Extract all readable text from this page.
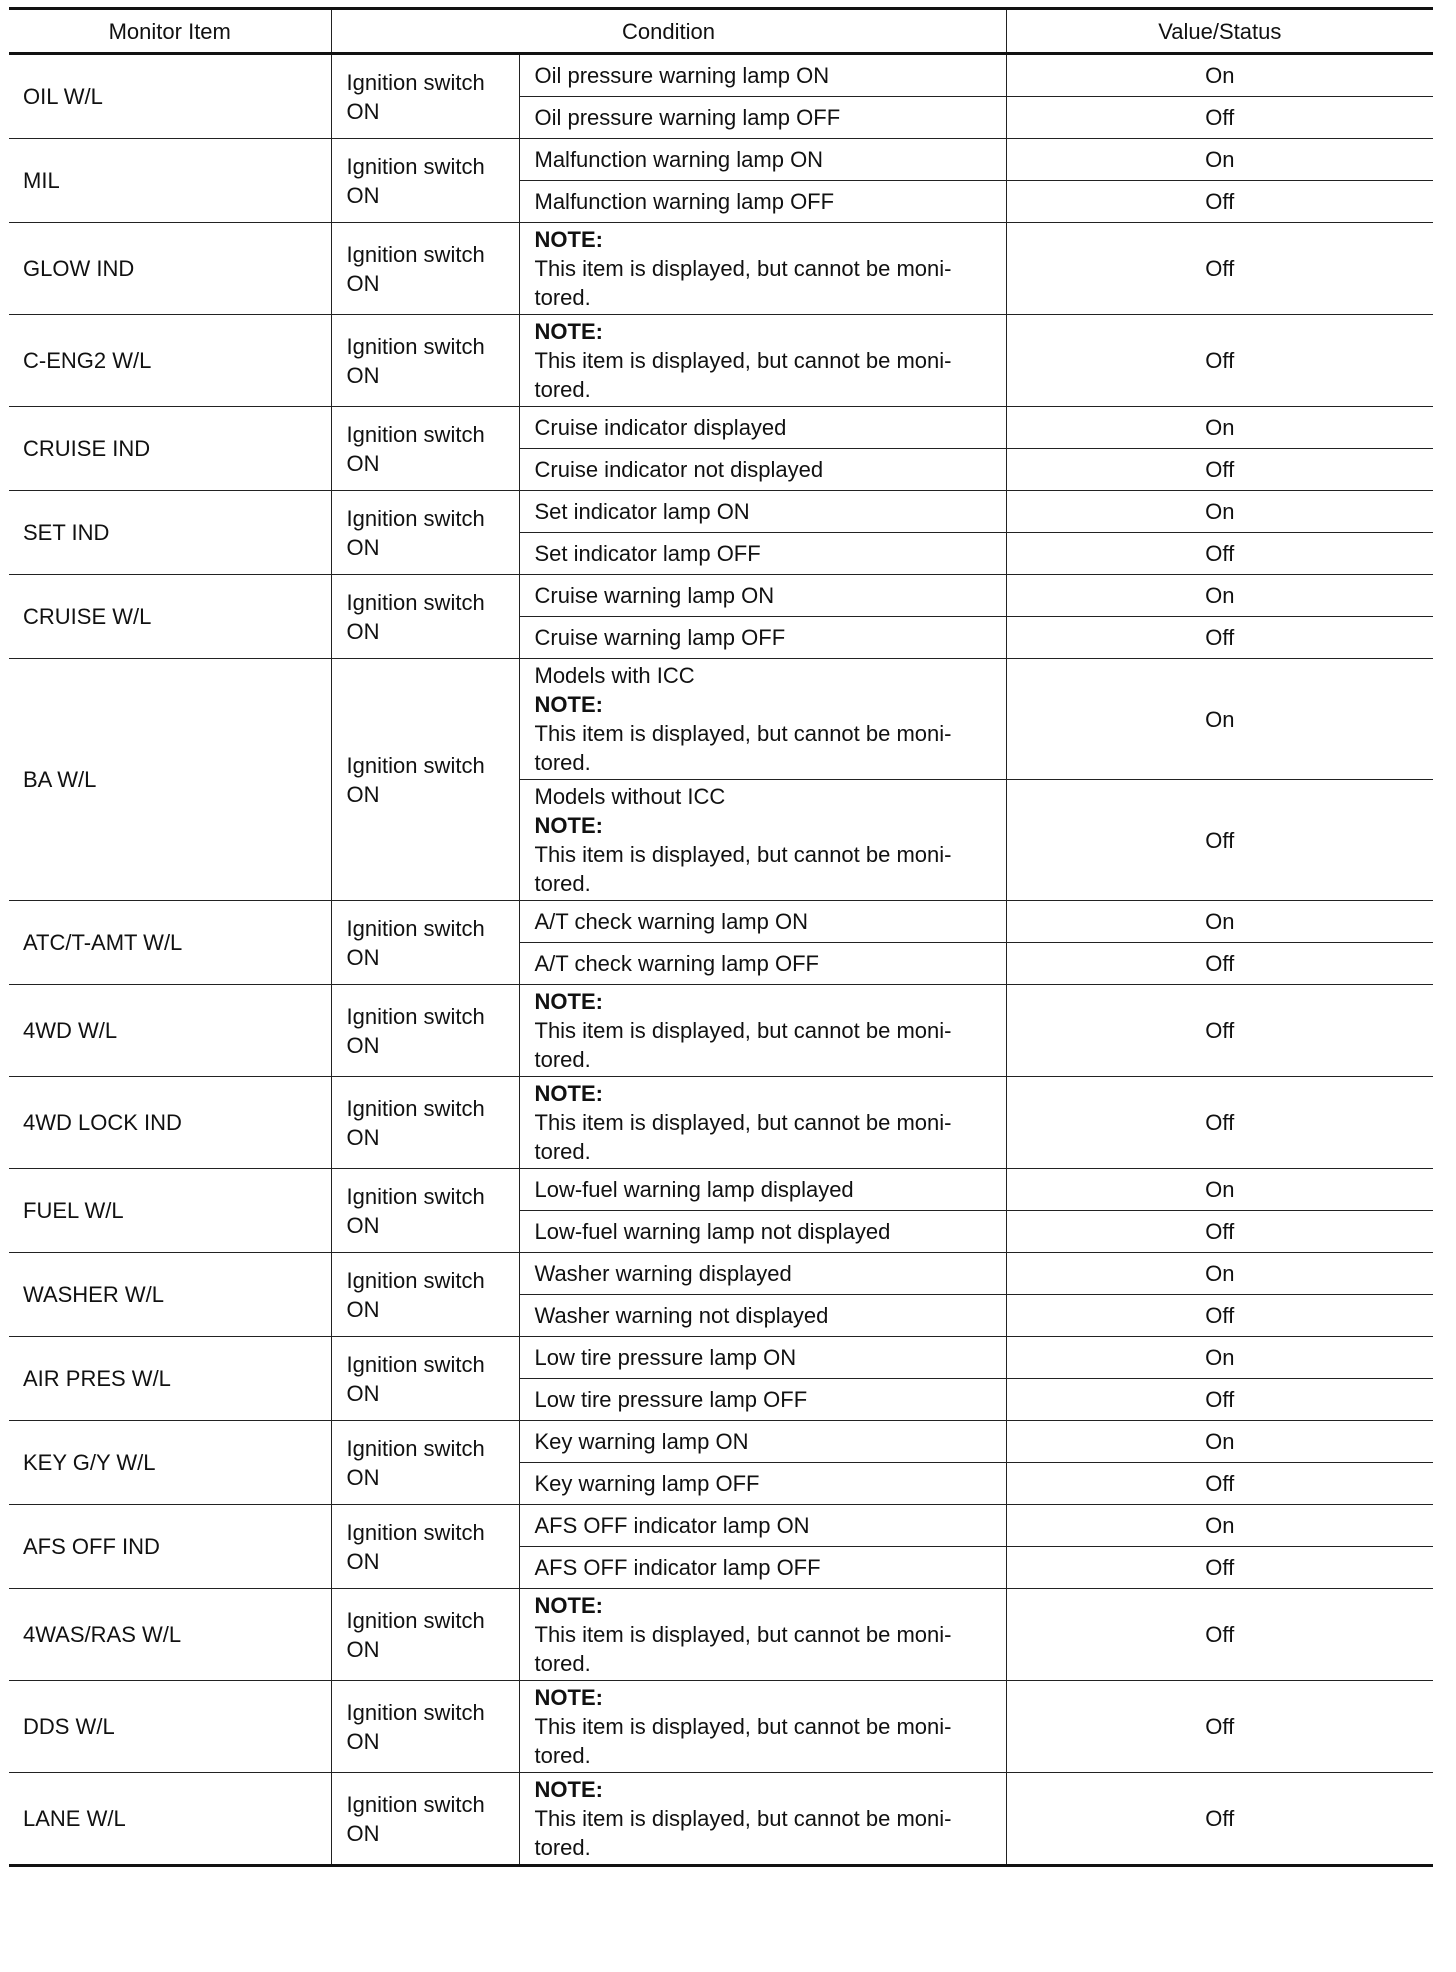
Monitor Item	Condition		Value/Status
OIL W/L	Ignition switch ON	Oil pressure warning lamp ON	On
		Oil pressure warning lamp OFF	Off
MIL	Ignition switch ON	Malfunction warning lamp ON	On
		Malfunction warning lamp OFF	Off
GLOW IND	Ignition switch ON	NOTE:
This item is displayed, but cannot be moni-
tored.	Off
C-ENG2 W/L	Ignition switch ON	NOTE:
This item is displayed, but cannot be moni-
tored.	Off
CRUISE IND	Ignition switch ON	Cruise indicator displayed	On
		Cruise indicator not displayed	Off
SET IND	Ignition switch ON	Set indicator lamp ON	On
		Set indicator lamp OFF	Off
CRUISE W/L	Ignition switch ON	Cruise warning lamp ON	On
		Cruise warning lamp OFF	Off
BA W/L	Ignition switch ON	Models with ICC
NOTE:
This item is displayed, but cannot be moni-
tored.	On

		Models without ICC
NOTE:
This item is displayed, but cannot be moni-
tored.	Off
ATC/T-AMT W/L	Ignition switch ON	A/T check warning lamp ON	On
		A/T check warning lamp OFF	Off
4WD W/L	Ignition switch ON	NOTE:
This item is displayed, but cannot be moni-
tored.	Off
4WD LOCK IND	Ignition switch ON	NOTE:
This item is displayed, but cannot be moni-
tored.	Off
FUEL W/L	Ignition switch ON	Low-fuel warning lamp displayed	On
		Low-fuel warning lamp not displayed	Off
WASHER W/L	Ignition switch ON	Washer warning displayed	On
		Washer warning not displayed	Off
AIR PRES W/L	Ignition switch ON	Low tire pressure lamp ON	On
		Low tire pressure lamp OFF	Off
KEY G/Y W/L	Ignition switch ON	Key warning lamp ON	On
		Key warning lamp OFF	Off
AFS OFF IND	Ignition switch ON	AFS OFF indicator lamp ON	On
		AFS OFF indicator lamp OFF	Off
4WAS/RAS W/L	Ignition switch ON	NOTE:
This item is displayed, but cannot be moni-
tored.	Off
DDS W/L	Ignition switch ON	NOTE:
This item is displayed, but cannot be moni-
tored.	Off
LANE W/L	Ignition switch ON	NOTE:
This item is displayed, but cannot be moni-
tored.	Off
